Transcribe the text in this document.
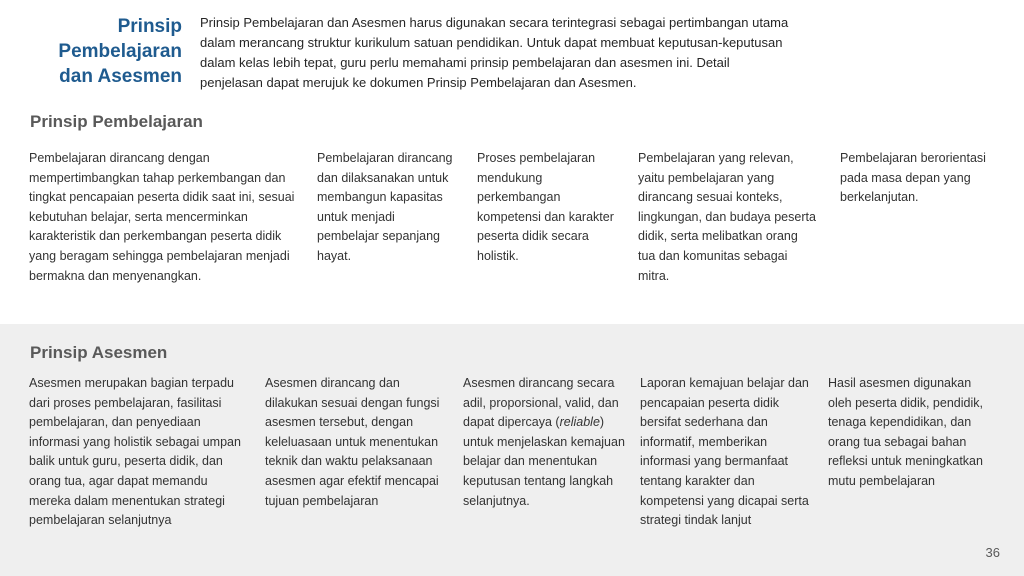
Prinsip
Pembelajaran
dan Asesmen
Prinsip Pembelajaran dan Asesmen harus digunakan secara terintegrasi sebagai pertimbangan utama dalam merancang struktur kurikulum satuan pendidikan. Untuk dapat membuat keputusan-keputusan dalam kelas lebih tepat, guru perlu memahami prinsip pembelajaran dan asesmen ini. Detail penjelasan dapat merujuk ke dokumen Prinsip Pembelajaran dan Asesmen.
Prinsip Pembelajaran
Pembelajaran dirancang dengan mempertimbangkan tahap perkembangan dan tingkat pencapaian peserta didik saat ini, sesuai kebutuhan belajar, serta mencerminkan karakteristik dan perkembangan peserta didik yang beragam sehingga pembelajaran menjadi bermakna dan menyenangkan.
Pembelajaran dirancang dan dilaksanakan untuk membangun kapasitas untuk menjadi pembelajar sepanjang hayat.
Proses pembelajaran mendukung perkembangan kompetensi dan karakter peserta didik secara holistik.
Pembelajaran yang relevan, yaitu pembelajaran yang dirancang sesuai konteks, lingkungan, dan budaya peserta didik, serta melibatkan orang tua dan komunitas sebagai mitra.
Pembelajaran berorientasi pada masa depan yang berkelanjutan.
Prinsip Asesmen
Asesmen merupakan bagian terpadu dari proses pembelajaran, fasilitasi pembelajaran, dan penyediaan informasi yang holistik sebagai umpan balik untuk guru, peserta didik, dan orang tua, agar dapat memandu mereka dalam menentukan strategi pembelajaran selanjutnya
Asesmen dirancang dan dilakukan sesuai dengan fungsi asesmen tersebut, dengan keleluasaan untuk menentukan teknik dan waktu pelaksanaan asesmen agar efektif mencapai tujuan pembelajaran
Asesmen dirancang secara adil, proporsional, valid, dan dapat dipercaya (reliable) untuk menjelaskan kemajuan belajar dan menentukan keputusan tentang langkah selanjutnya.
Laporan kemajuan belajar dan pencapaian peserta didik bersifat sederhana dan informatif, memberikan informasi yang bermanfaat tentang karakter dan kompetensi yang dicapai serta strategi tindak lanjut
Hasil asesmen digunakan oleh peserta didik, pendidik, tenaga kependidikan, dan orang tua sebagai bahan refleksi untuk meningkatkan mutu pembelajaran
36
